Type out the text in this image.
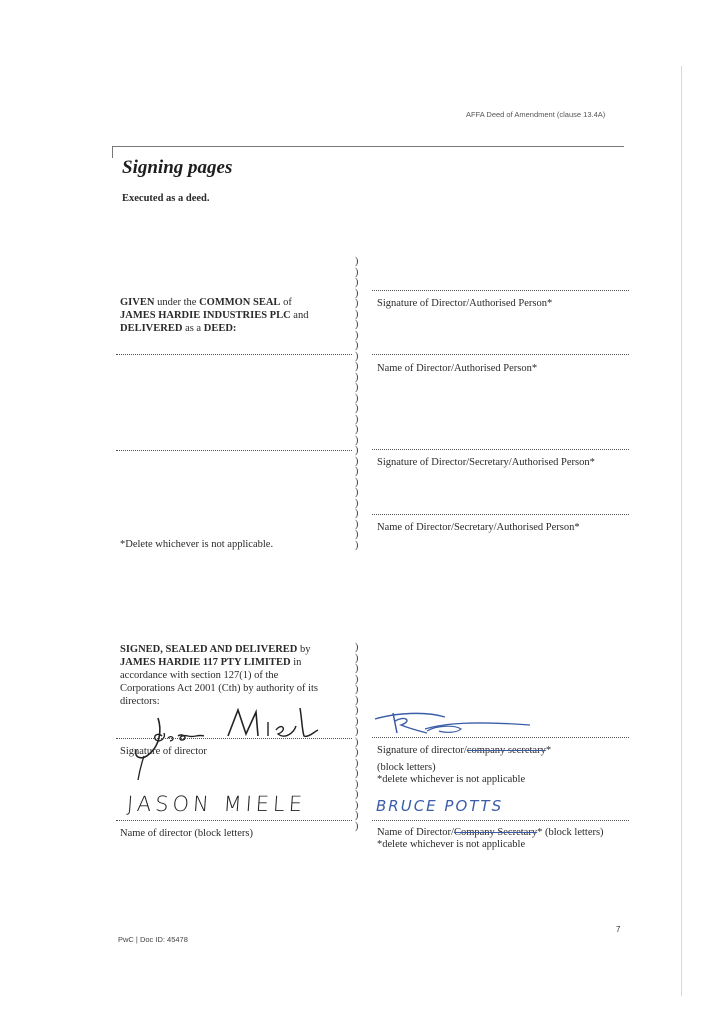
AFFA Deed of Amendment (clause 13.4A)
Signing pages
Executed as a deed.
)
)
)
)
)
)
)
)
)
)
)
)
)
)
)
)
)
)
)
)
)
)
)
)
)
)
)
)
GIVEN under the COMMON SEAL of
JAMES HARDIE INDUSTRIES PLC and
DELIVERED as a DEED:
Signature of Director/Authorised Person*
Name of Director/Authorised Person*
Signature of Director/Secretary/Authorised Person*
Name of Director/Secretary/Authorised Person*
*Delete whichever is not applicable.
)
)
)
)
)
)
)
)
)
)
)
)
)
)
)
)
)
)
SIGNED, SEALED AND DELIVERED by
JAMES HARDIE 117 PTY LIMITED in
accordance with section 127(1) of the
Corporations Act 2001 (Cth) by authority of its
directors:
Signature of director
JASON MIELE
Name of director (block letters)
Signature of director/company secretary*
(block letters)
*delete whichever is not applicable
BRUCE POTTS
Name of Director/Company Secretary* (block letters)
*delete whichever is not applicable
7
PwC | Doc ID: 45478
